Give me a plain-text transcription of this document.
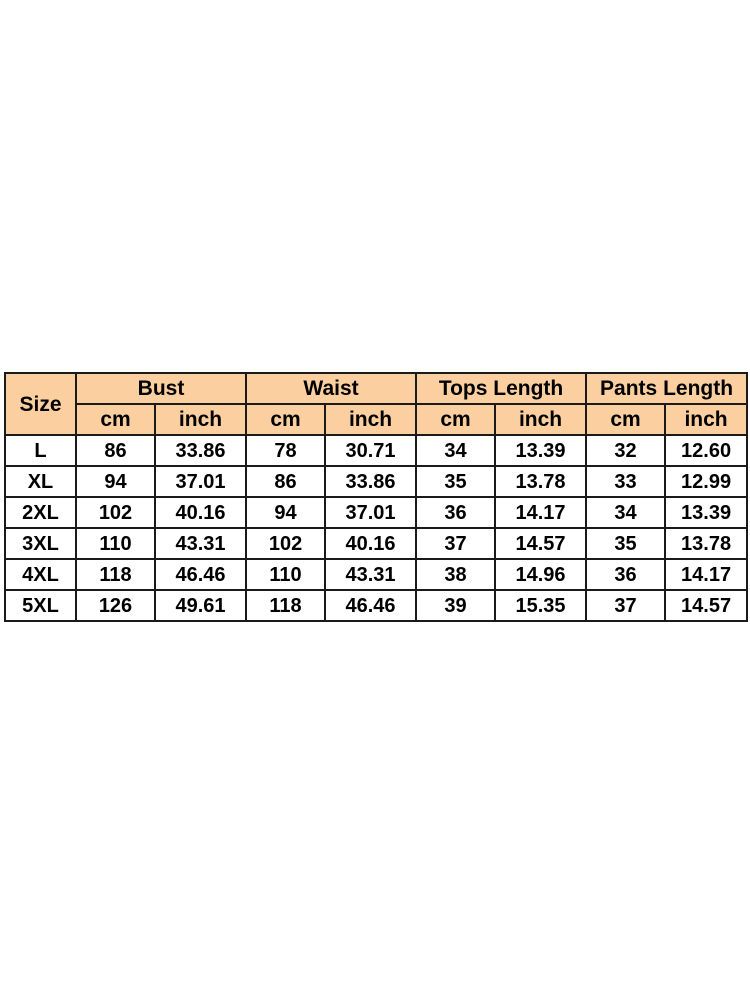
Size	Bust		Waist		Tops Length		Pants Length	
	cm	inch	cm	inch	cm	inch	cm	inch
L	86	33.86	78	30.71	34	13.39	32	12.60
XL	94	37.01	86	33.86	35	13.78	33	12.99
2XL	102	40.16	94	37.01	36	14.17	34	13.39
3XL	110	43.31	102	40.16	37	14.57	35	13.78
4XL	118	46.46	110	43.31	38	14.96	36	14.17
5XL	126	49.61	118	46.46	39	15.35	37	14.57
